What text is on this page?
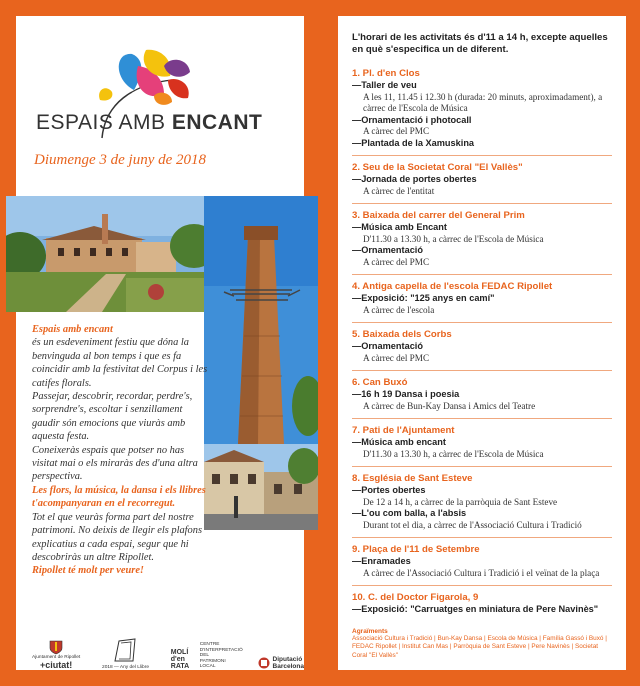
ESPAIS AMB ENCANT
Diumenge 3 de juny de 2018

Espais amb encant

és un esdeveniment festiu que dóna la benvinguda al bon temps i que es fa coincidir amb la festivitat del Corpus i les catifes florals.

Passejar, descobrir, recordar, perdre's, sorprendre's, escoltar i senzillament gaudir són emocions que viuràs amb aquesta festa.

Coneixeràs espais que potser no has visitat mai o els miraràs des d'una altra perspectiva.

Les flors, la música, la dansa i els llibres t'acompanyaran en el recorregut.

Tot el que veuràs forma part del nostre patrimoni. No deixis de llegir els plafons explicatius a cada espai, segur que hi descobriràs un altre Ripollet.

Ripollet té molt per veure!

Ajuntament de Ripollet
+ciutat!	2018 — Any del Llibre
MOLÍ d'en RATA
CENTRE D'INTERPRETACIÓ DEL PATRIMONI LOCAL
Diputació
Barcelona
L'horari de les activitats és d'11 a 14 h, excepte aquelles en què s'especifica un de diferent.
1. Pl. d'en Clos
—Taller de veu
A les 11, 11.45 i 12.30 h (durada: 20 minuts, aproximadament), a càrrec de l'Escola de Música
—Ornamentació i photocall
A càrrec del PMC
—Plantada de la Xamuskina
2. Seu de la Societat Coral "El Vallès"
—Jornada de portes obertes
A càrrec de l'entitat
3. Baixada del carrer del General Prim
—Música amb Encant
D'11.30 a 13.30 h, a càrrec de l'Escola de Música
—Ornamentació
A càrrec del PMC
4. Antiga capella de l'escola FEDAC Ripollet
—Exposició: "125 anys en camí"
A càrrec de l'escola
5. Baixada dels Corbs
—Ornamentació
A càrrec del PMC
6. Can Buxó
—16 h 19 Dansa i poesia
A càrrec de Bun-Kay Dansa i Amics del Teatre
7. Pati de l'Ajuntament
—Música amb encant
D'11.30 a 13.30 h, a càrrec de l'Escola de Música
8. Església de Sant Esteve
—Portes obertes
De 12 a 14 h, a càrrec de la parròquia de Sant Esteve
—L'ou com balla, a l'absis
Durant tot el dia, a càrrec de l'Associació Cultura i Tradició
9. Plaça de l'11 de Setembre
—Enramades
A càrrec de l'Associació Cultura i Tradició i el veïnat de la plaça
10. C. del Doctor Figarola, 9
—Exposició: "Carruatges en miniatura de Pere Navinès"
Agraïments
Associació Cultura i Tradició | Bun-Kay Dansa | Escola de Música | Família Gassó i Buxó | FEDAC Ripollet | Institut Can Mas | Parròquia de Sant Esteve | Pere Navinès | Societat Coral "El Vallès"
